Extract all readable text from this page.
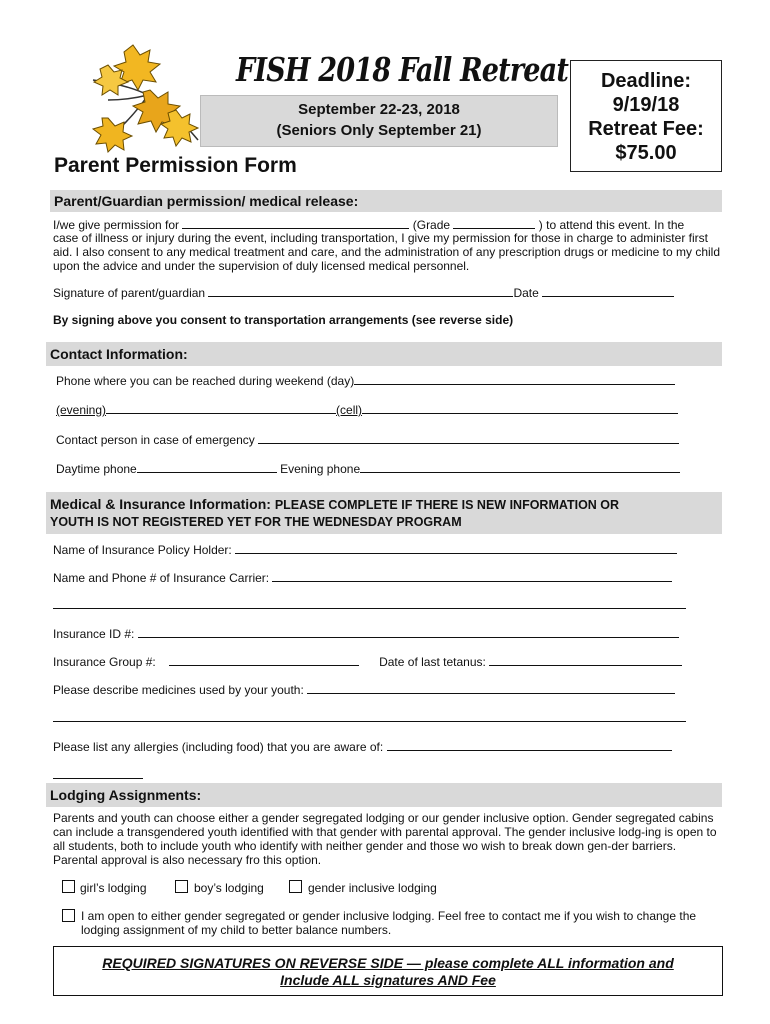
FISH 2018 Fall Retreat
September 22-23, 2018
(Seniors Only September 21)
Deadline:
9/19/18
Retreat Fee:
$75.00
Parent Permission Form
Parent/Guardian permission/ medical release:
I/we give permission for	(Grade	) to attend this event. In the
case of illness or injury during the event, including transportation, I give my permission for those in charge to administer first aid. I also consent to any medical treatment and care, and the administration of any prescription drugs or medicine to my child upon the advice and under the supervision of duly licensed medical personnel.
Signature of parent/guardian	Date
By signing above you consent to transportation arrangements (see reverse side)
Contact Information:
Phone where you can be reached during weekend (day)
(evening)	(cell)
Contact person in case of emergency
Daytime phone	Evening phone
Medical & Insurance Information: PLEASE COMPLETE IF THERE IS NEW INFORMATION OR
YOUTH IS NOT REGISTERED YET FOR THE WEDNESDAY PROGRAM
Name of Insurance Policy Holder:
Name and Phone # of Insurance Carrier:
Insurance ID #:
Insurance Group #:	Date of last tetanus:
Please describe medicines used by your youth:
Please list any allergies (including food) that you are aware of:
Lodging Assignments:
Parents and youth can choose either a gender segregated lodging or our gender inclusive option. Gender segregated cabins can include a transgendered youth identified with that gender with parental approval. The gender inclusive lodg-ing is open to all students, both to include youth who identify with neither gender and those wo wish to break down gen-der barriers. Parental approval is also necessary fro this option.
girl’s lodging	boy’s lodging	gender inclusive lodging
I am open to either gender segregated or gender inclusive lodging. Feel free to contact me if you wish to change the lodging assignment of my child to better balance numbers.
REQUIRED SIGNATURES ON REVERSE SIDE — please complete ALL information and
Include ALL signatures AND Fee
